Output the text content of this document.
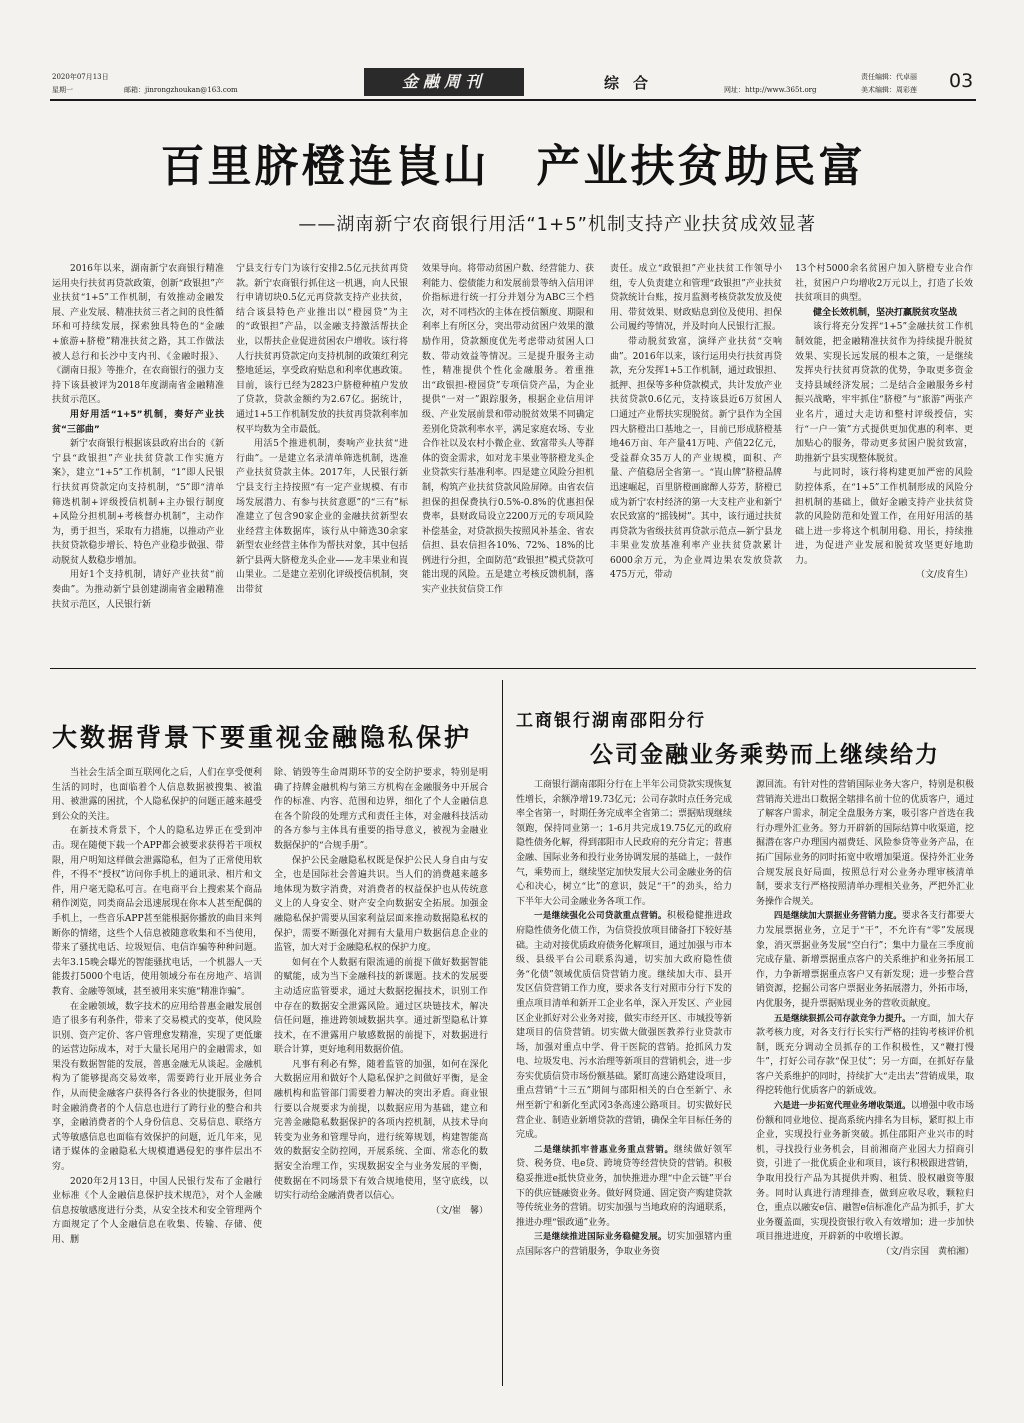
2020年07月13日
星期一	邮箱：jinrongzhoukan@163.com	金融周刊	综合	网址：http://www.365t.org
责任编辑：代卓丽
美术编辑：周彩莲 03
百里脐橙连崀山　产业扶贫助民富
——湖南新宁农商银行用活“1+5”机制支持产业扶贫成效显著

2016年以来，湖南新宁农商银行精准运用央行扶贫再贷款政策，创新“政银担”产业扶贫“1+5”工作机制，有效推动金融发展、产业发展、精准扶贫三者之间的良性循环和可持续发展，探索独具特色的“金融+旅游+脐橙”精准扶贫之路，其工作做法被人总行和长沙中支内刊、《金融时报》、《湖南日报》等推介，在农商银行的强力支持下该县被评为2018年度湖南省金融精准扶贫示范区。

用好用活“1+5”机制，奏好产业扶贫“三部曲”

新宁农商银行根据该县政府出台的《新宁县“政银担”产业扶贫贷款工作实施方案》，建立“1+5”工作机制，“1”即人民银行扶贫再贷款定向支持机制，“5”即“清单筛选机制+评级授信机制+主办银行制度+风险分担机制+考核督办机制”，主动作为，勇于担当，采取有力措施，以推动产业扶贫贷款稳步增长、特色产业稳步做强、带动脱贫人数稳步增加。

用好1个支持机制，请好产业扶贫“前奏曲”。为推动新宁县创建湖南省金融精准扶贫示范区，人民银行新

宁县支行专门为该行安排2.5亿元扶贫再贷款。新宁农商银行抓住这一机遇，向人民银行申请切块0.5亿元再贷款支持产业扶贫，结合该县特色产业推出以“橙园贷”为主的“政银担”产品，以金融支持激活帮扶企业，以帮扶企业促进贫困农户增收。该行将人行扶贫再贷款定向支持机制的政策红利完整地延运，享受政府贴息和利率优惠政策。目前，该行已经为2823户脐橙种植户发放了贷款，贷款金额约为2.67亿。据统计，通过1+5工作机制发放的扶贫再贷款利率加权平均数为全市最低。

用活5个推进机制，奏响产业扶贫“进行曲”。一是建立名录清单筛选机制，选准产业扶贫贷款主体。2017年，人民银行新宁县支行主持按照“有一定产业规模、有市场发展潜力、有参与扶贫意愿”的“三有”标准建立了包含90家企业的金融扶贫新型农业经营主体数据库，该行从中筛选30余家新型农业经营主体作为帮扶对象，其中包括新宁县两大脐橙龙头企业——龙丰果业和崀山果业。二是建立差别化评级授信机制，突出带贫

效果导向。将带动贫困户数、经营能力、获利能力、偿债能力和发展前景等纳入信用评价指标进行统一打分并划分为ABC三个档次，对不同档次的主体在授信额度、期限和利率上有所区分，突出带动贫困户效果的激励作用，贷款额度优先考虑带动贫困人口数、带动效益等情况。三是提升服务主动性，精准提供个性化金融服务。着重推出“政银担-橙园贷”专项信贷产品，为企业提供“一对一”跟踪服务，根据企业信用评级、产业发展前景和带动脱贫效果不同确定差别化贷款利率水平，满足家庭农场、专业合作社以及农村小微企业、致富带头人等群体的资金需求，如对龙丰果业等脐橙龙头企业贷款实行基准利率。四是建立风险分担机制，构筑产业扶贫贷款风险屏障。由省农信担保的担保费执行0.5%-0.8%的优惠担保费率，县财政局设立2200万元的专项风险补偿基金，对贷款损失按照风补基金、省农信担、县农信担各10%、72%、18%的比例进行分担，全面防范“政银担”模式贷款可能出现的风险。五是建立考核反馈机制，落实产业扶贫信贷工作

责任。成立“政银担”产业扶贫工作领导小组，专人负责建立和管理“政银担”产业扶贫贷款统计台账，按月监测考核贷款发放及使用、带贫效果、财政贴息到位及使用、担保公司履约等情况，并及时向人民银行汇报。

带动脱贫致富，演绎产业扶贫“交响曲”。2016年以来，该行运用央行扶贫再贷款，充分发挥1+5工作机制，通过政银担、抵押、担保等多种贷款模式，共计发放产业扶贫贷款0.6亿元，支持该县近6万贫困人口通过产业帮扶实现脱贫。新宁县作为全国四大脐橙出口基地之一，目前已形成脐橙基地46万亩、年产量41万吨、产值22亿元，受益群众35万人的产业规模，面积、产量、产值稳居全省第一。“崀山牌”脐橙品牌迅速崛起，百里脐橙画廊醉人芬芳，脐橙已成为新宁农村经济的第一大支柱产业和新宁农民致富的“摇钱树”。其中，该行通过扶贫再贷款为省级扶贫再贷款示范点—新宁县龙丰果业发放基准利率产业扶贫贷款累计6000余万元，为企业周边果农发放贷款475万元，带动

13个村5000余名贫困户加入脐橙专业合作社，贫困户户均增收2万元以上，打造了长效扶贫项目的典型。

健全长效机制，坚决打赢脱贫攻坚战

该行将充分发挥“1+5”金融扶贫工作机制效能，把金融精准扶贫作为持续提升脱贫效果、实现长远发展的根本之策，一是继续发挥央行扶贫再贷款的优势，争取更多资金支持县域经济发展；二是结合金融服务乡村振兴战略，牢牢抓住“脐橙”与“旅游”两张产业名片，通过大走访和整村评级授信，实行“一户一策”方式提供更加优惠的利率、更加贴心的服务，带动更多贫困户脱贫致富，助推新宁县实现整体脱贫。

与此同时，该行将构建更加严密的风险防控体系，在“1+5”工作机制形成的风险分担机制的基础上，做好金融支持产业扶贫贷款的风险防范和处置工作，在用好用活的基础上进一步将这个机制用稳、用长，持续推进，为促进产业发展和脱贫攻坚更好地助力。

（文/皮育生）

大数据背景下要重视金融隐私保护

当社会生活全面互联网化之后，人们在享受便利生活的同时，也面临着个人信息数据被搜集、被滥用、被泄露的困扰，个人隐私保护的问题正越来越受到公众的关注。

在新技术背景下，个人的隐私边界正在受到冲击。现在随便下载一个APP都会被要求获得若干项权限，用户明知这样做会泄露隐私，但为了正常使用软件，不得不“授权”访问你手机上的通讯录、相片和文件，用户毫无隐私可言。在电商平台上搜索某个商品稍作浏览，同类商品会迅速展现在你本人甚至配偶的手机上，一些音乐APP甚至能根据你播放的曲目来判断你的情绪，这些个人信息被随意收集和不当使用，带来了骚扰电话、垃圾短信、电信诈骗等种种问题。去年3.15晚会曝光的智能骚扰电话，一个机器人一天能拨打5000个电话，使用领域分布在房地产、培训教育、金融等领域，甚至被用来实施“精准诈骗”。

在金融领域，数字技术的应用给普惠金融发展创造了很多有利条件，带来了交易模式的变革，使风险识别、资产定价、客户管理愈发精准，实现了更低廉的运营边际成本，对于大量长尾用户的金融需求，如果没有数据智能的发展，普惠金融无从谈起。金融机构为了能够提高交易效率，需要跨行业开展业务合作，从而使金融客户获得各行各业的快捷服务，但同时金融消费者的个人信息也进行了跨行业的整合和共享，金融消费者的个人身份信息、交易信息、联络方式等敏感信息也面临有效保护的问题，近几年来，见诸于媒体的金融隐私大规模遭遇侵犯的事件层出不穷。

2020年2月13日，中国人民银行发布了金融行业标准《个人金融信息保护技术规范》，对个人金融信息按敏感度进行分类，从安全技术和安全管理两个方面规定了个人金融信息在收集、传输、存储、使用、删

除、销毁等生命周期环节的安全防护要求，特别是明确了持牌金融机构与第三方机构在金融服务中开展合作的标准、内容、范围和边界，细化了个人金融信息在各个阶段的处理方式和责任主体，对金融科技活动的各方参与主体具有重要的指导意义，被视为金融业数据保护的“合规手册”。

保护公民金融隐私权既是保护公民人身自由与安全，也是国际社会普遍共识。当人们的消费越来越多地体现为数字消费，对消费者的权益保护也从传统意义上的人身安全、财产安全向数据安全拓展。加强金融隐私保护需要从国家利益层面来推动数据隐私权的保护，需要不断强化对拥有大量用户数据信息企业的监管，加大对于金融隐私权的保护力度。

如何在个人数据有限流通的前提下做好数据智能的赋能，成为当下金融科技的新课题。技术的发展要主动适应监管要求，通过大数据挖掘技术，识别工作中存在的数据安全泄露风险。通过区块链技术，解决信任问题，推进跨领域数据共享。通过新型隐私计算技术，在不泄露用户敏感数据的前提下，对数据进行联合计算，更好地利用数据价值。

凡事有利必有弊，随着监管的加强，如何在深化大数据应用和做好个人隐私保护之间做好平衡，是金融机构和监管部门需要着力解决的突出矛盾。商业银行要以合规要求为前提，以数据应用为基础，建立和完善金融隐私数据保护的各项内控机制，从技术导向转变为业务和管理导向，进行统筹规划，构建智能高效的数据安全防控网，开展系统、全面、常态化的数据安全治理工作，实现数据安全与业务发展的平衡，使数据在不同场景下有效合规地使用，坚守底线，以切实行动给金融消费者以信心。

（文/崔　馨）

工商银行湖南邵阳分行
公司金融业务乘势而上继续给力

工商银行湖南邵阳分行在上半年公司贷款实现恢复性增长，余额净增19.73亿元；公司存款时点任务完成率全省第一，时期任务完成率全省第二；票据贴现继续领跑，保持同业第一；1-6月共完成19.75亿元的政府隐性债务化解，得到邵阳市人民政府的充分肯定；普惠金融、国际业务和投行业务协调发展的基础上，一鼓作气，乘势而上，继续坚定加快发展大公司金融业务的信心和决心，树立“比”的意识，鼓足“干”的劲头，给力下半年大公司金融业务各项工作。

一是继续强化公司贷款重点营销。积极稳健推进政府隐性债务化债工作，为信贷投放项目储备打下较好基础。主动对接优质政府债务化解项目，通过加强与市本级、县级平台公司联系沟通，切实加大政府隐性债务“化债”领域优质信贷营销力度。继续加大市、县开发区信贷营销工作力度，要求各支行对照市分行下发的重点项目清单和新开工企业名单，深入开发区、产业园区企业抓好对公业务对接，做实市经开区、市城投等新建项目的信贷营销。切实做大做强医教养行业贷款市场，加强对重点中学、骨干医院的营销。抢抓风力发电、垃圾发电、污水治理等新项目的营销机会，进一步夯实优质信贷市场份额基础。紧盯高速公路建设项目，重点营销“十三五”期间与邵阳相关的白仓至新宁、永州至新宁和新化至武冈3条高速公路项目。切实做好民营企业、制造业新增贷款的营销，确保全年目标任务的完成。

二是继续抓牢普惠业务重点营销。继续做好领军贷、税务贷、电e贷、跨境贷等经营快贷的营销。积极稳妥推进e抵快贷业务，加快推进办理“中企云链”平台下的供应链融资业务。做好网贷通、固定资产购建贷款等传统业务的营销。切实加强与当地政府的沟通联系，推进办理“银政通”业务。

三是继续推进国际业务稳健发展。切实加强辖内重点国际客户的营销服务，争取业务资

源回流。有针对性的营销国际业务大客户，特别是积极营销海关进出口数据全辖排名前十位的优质客户，通过了解客户需求，制定全盘服务方案，吸引客户首选在我行办理外汇业务。努力开辟新的国际结算中收渠道，挖掘潜在客户办理国内福费廷、风险参贷等业务产品，在拓广国际业务的同时拓宽中收增加渠道。保持外汇业务合规发展良好局面，按照总行对公业务办理审核清单制，要求支行严格按照清单办理相关业务，严把外汇业务操作合规关。

四是继续加大票据业务营销力度。要求各支行都要大力发展票据业务，立足于“干”，不允许有“零”发展现象，消灭票据业务发展“空白行”；集中力量在三季度前完成存量、新增票据重点客户的关系维护和业务拓展工作，力争新增票据重点客户又有新发现；进一步整合营销资源，挖掘公司客户票据业务拓展潜力，外拓市场，内优服务，提升票据贴现业务的营收贡献度。

五是继续狠抓公司存款竞争力提升。一方面，加大存款考核力度，对各支行行长实行严格的挂钩考核评价机制，既充分调动全员抓存的工作积极性，又“鞭打慢牛”，打好公司存款“保卫仗”；另一方面，在抓好存量客户关系维护的同时，持续扩大“走出去”营销成果，取得挖转他行优质客户的新成效。

六是进一步拓宽代理业务增收渠道。以增强中收市场份额和同业地位、提高系统内排名为目标，紧盯拟上市企业，实现投行业务新突破。抓住邵阳产业兴市的时机，寻找投行业务机会，目前湘商产业园大力招商引资，引进了一批优质企业和项目，该行积极跟进营销，争取用投行产品为其提供并购、租赁、股权融资等服务。同时认真进行清理排查，做到应收尽收，颗粒归仓，重点以融安e信、融智e信标准化产品为抓手，扩大业务覆盖面，实现投资银行收入有效增加；进一步加快项目推进进度，开辟新的中收增长源。

（文/肖宗国　黄柏湘）
